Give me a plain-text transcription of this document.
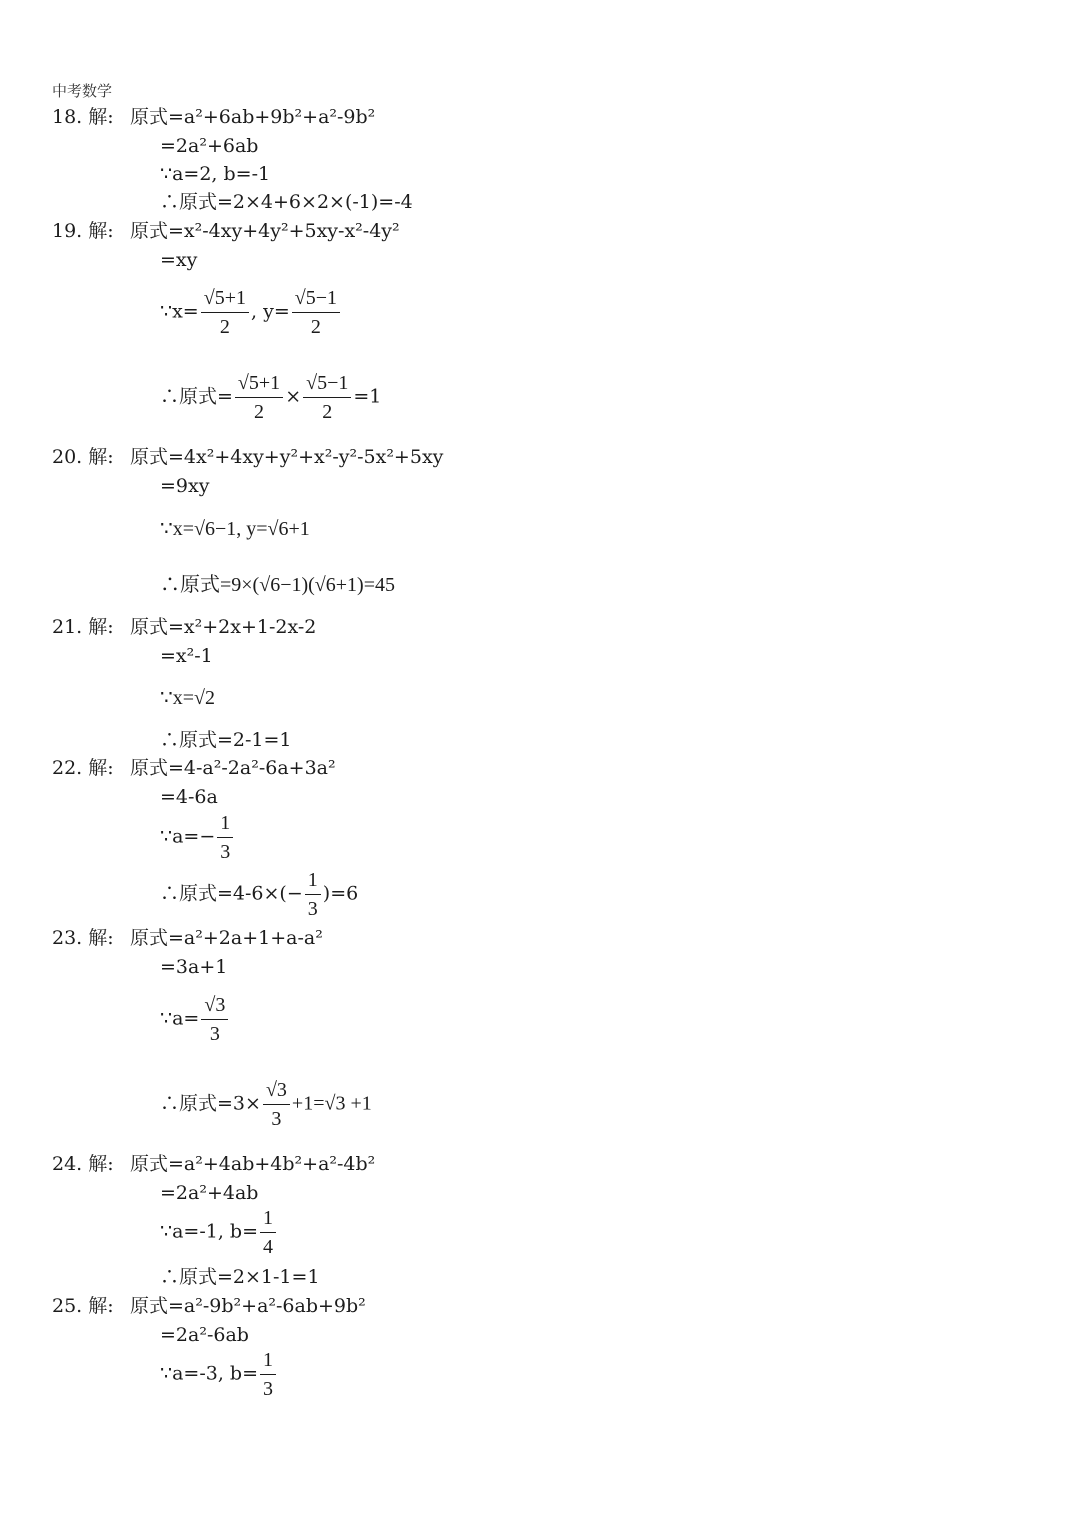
中考数学
18. 解: 原式=a²+6ab+9b²+a²-9b²
=2a²+6ab
∵a=2, b=-1
∴原式=2×4+6×2×(-1)=-4
19. 解: 原式=x²-4xy+4y²+5xy-x²-4y²
=xy
∵x= $\frac{√5+1}{2}$ , $y= \frac{√5-1}{2}$
∴原式= $\frac{√5+1}{2} \times \frac{√5-1}{2} =1$
20. 解: 原式=4x²+4xy+y²+x²-y²-5x²+5xy
=9xy
∵x=√6−1, y=√6+1
∴原式=9×(√6−1)(√6+1)=45
21. 解: 原式=x²+2x+1-2x-2
=x²-1
∵x=√2
∴原式=2-1=1
22. 解: 原式=4-a²-2a²-6a+3a²
=4-6a
∵a=− $\frac{1}{3}$
∴原式$=4-6\times(- \frac{1}{3} )=6$
23. 解: 原式=a²+2a+1+a-a²
=3a+1
∵a= $\frac{√3}{3}$
∴原式$=3\times \frac{√3}{3} +1=√3 +1$
24. 解: 原式=a²+4ab+4b²+a²-4b²
=2a²+4ab
∵a=-1, $b= \frac{1}{4}$
∴原式=2×1-1=1
25. 解: 原式=a²-9b²+a²-6ab+9b²
=2a²-6ab
∵a=-3, $b= \frac{1}{3}$
